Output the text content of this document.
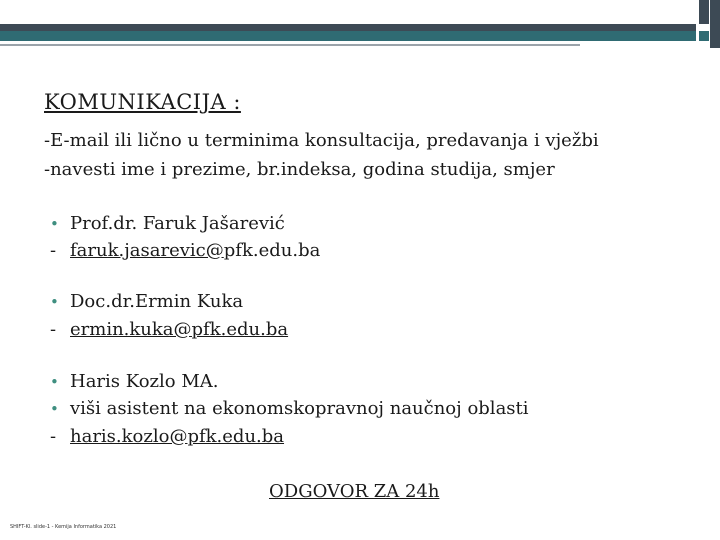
KOMUNIKACIJA :
-E-mail ili lično u terminima konsultacija, predavanja i vježbi
-navesti ime i prezime, br.indeksa, godina studija, smjer
• Prof.dr. Faruk Jašarević
- faruk.jasarevic@pfk.edu.ba
• Doc.dr.Ermin Kuka
- ermin.kuka@pfk.edu.ba
• Haris Kozlo MA.
• viši asistent na ekonomskopravnoj naučnoj oblasti
- haris.kozlo@pfk.edu.ba
ODGOVOR ZA 24h
SHIFT-Kl. slide-1 - Kemija Informatika 2021
